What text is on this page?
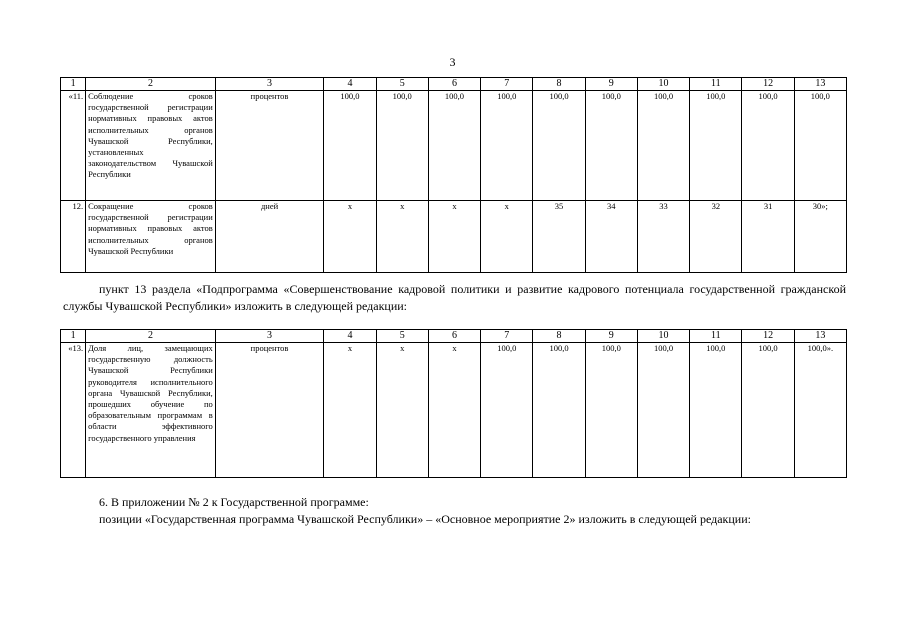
3
1	2	3	4	5	6	7	8	9	10	11	12	13
«11.	Соблюдение сроков государственной регистрации нормативных правовых актов исполнительных органов Чувашской Республики, установленных законодательством Чувашской Республики	процентов	100,0	100,0	100,0	100,0	100,0	100,0	100,0	100,0	100,0	100,0
12.	Сокращение сроков государственной регистрации нормативных правовых актов исполнительных органов Чувашской Республики	дней	x	x	x	x	35	34	33	32	31	30»;

пункт 13 раздела «Подпрограмма «Совершенствование кадровой политики и развитие кадрового потенциала государственной гражданской службы Чувашской Республики» изложить в следующей редакции:

1	2	3	4	5	6	7	8	9	10	11	12	13
«13.	Доля лиц, замещающих государственную должность Чувашской Республики руководителя исполнительного органа Чувашской Республики, прошедших обучение по образовательным программам в области эффективного государственного управления	процентов	x	x	x	100,0	100,0	100,0	100,0	100,0	100,0	100,0».

6. В приложении № 2 к Государственной программе:

позиции «Государственная программа Чувашской Республики» – «Основное мероприятие 2» изложить в следующей редакции:
